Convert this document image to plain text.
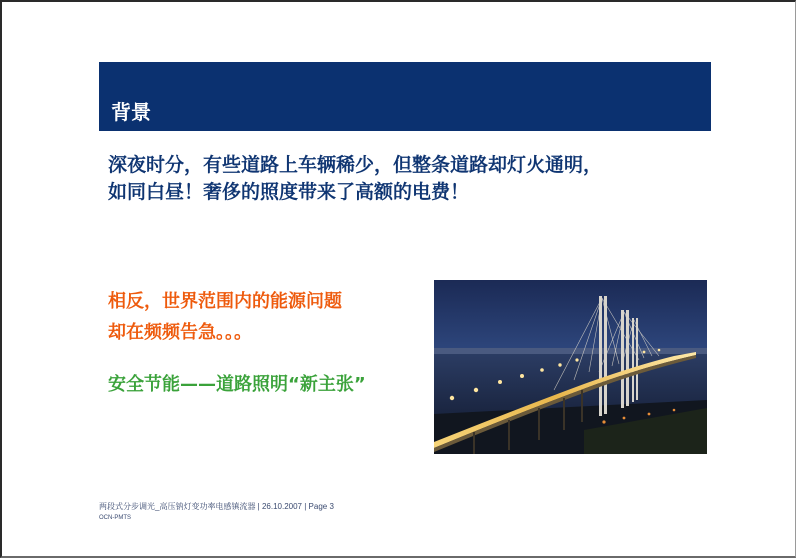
背景
深夜时分，有些道路上车辆稀少，但整条道路却灯火通明，
如同白昼！奢侈的照度带来了高额的电费！
相反，世界范围内的能源问题
却在频频告急。。。
安全节能——道路照明“新主张”
两段式分步调光_高压钠灯变功率电感镇流器 | 26.10.2007 | Page 3
OCN-PMTS
